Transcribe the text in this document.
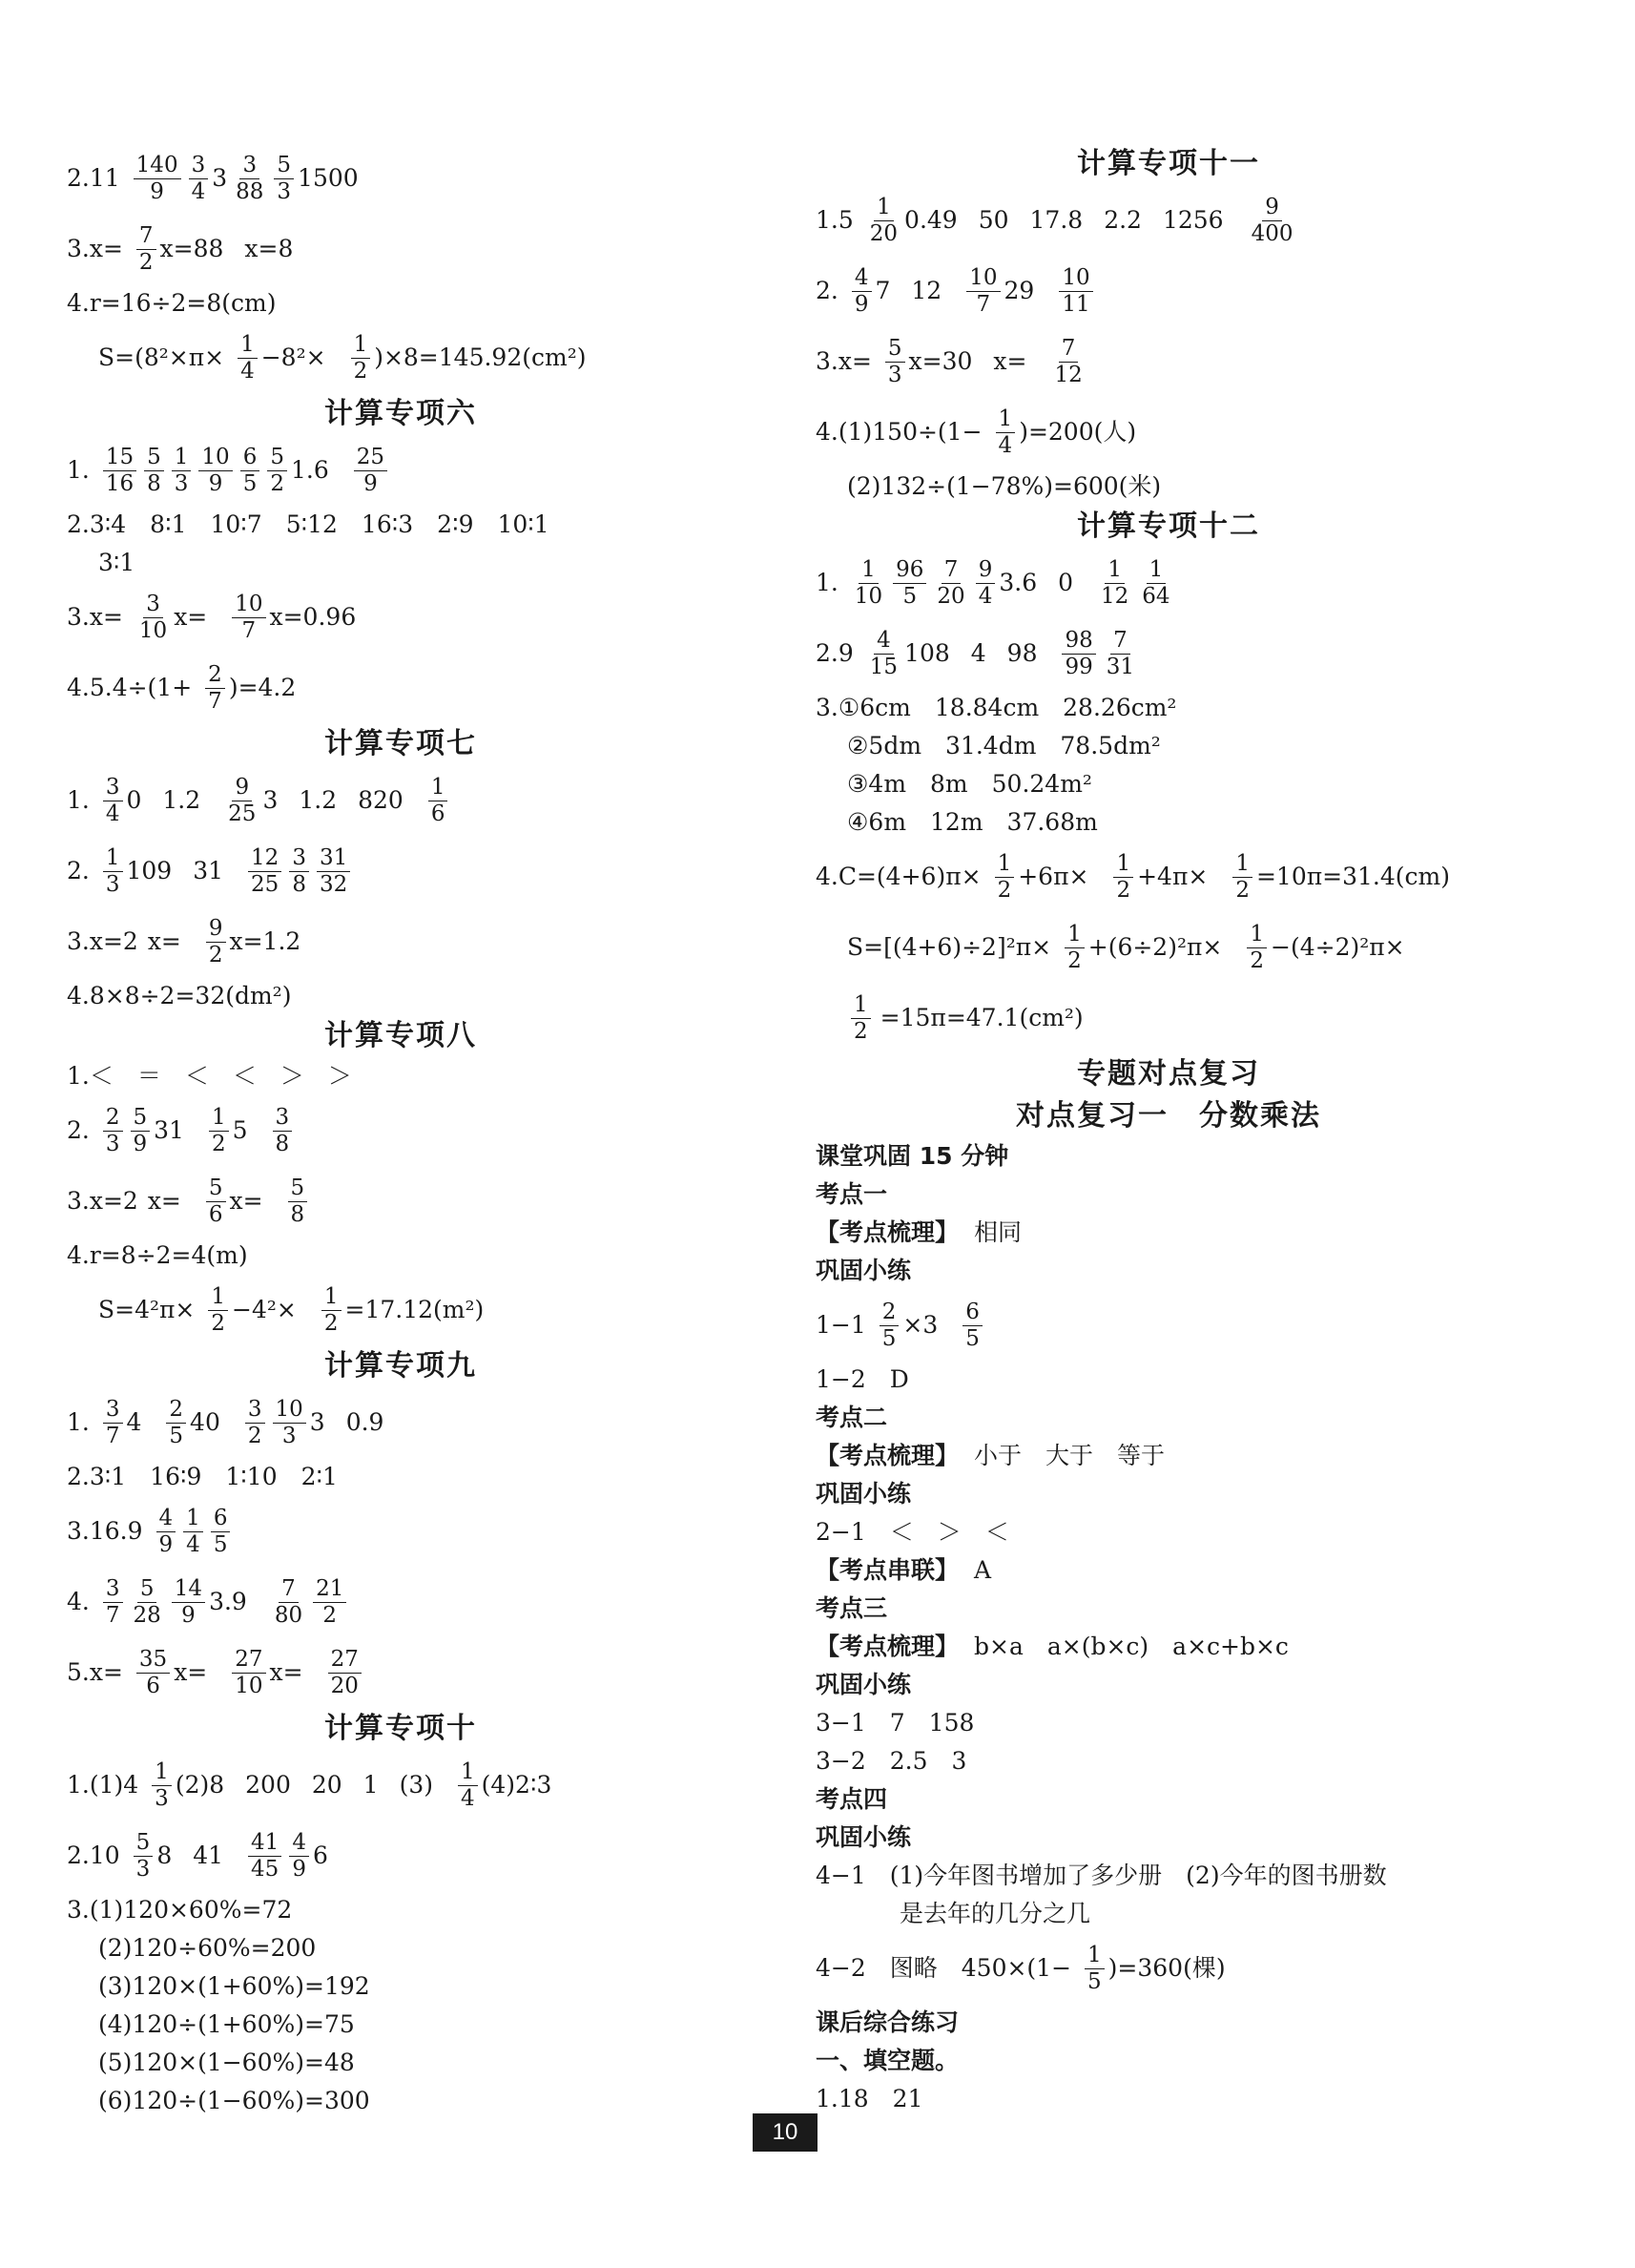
$2.11 \frac{140}{9} \frac{3}{4} 3 \frac{3}{88} \frac{5}{3} 1500$
$3.x= \frac{7}{2} x=88$ x=8
4.r=16÷2=8(cm)
$S=(8^2\times\pi\times \frac{1}{4} -8^2\times \frac{1}{2} )\times 8=145.92(cm^2)$
计算专项六
1. $\frac{15}{16} \frac{5}{8} \frac{1}{3} \frac{10}{9} \frac{6}{5} \frac{5}{2} 1.6 \frac{25}{9}$
2.3∶4　8∶1　10∶7　5∶12　16∶3　2∶9　10∶1
3∶1
$3.x= \frac{3}{10} x= \frac{10}{7} x=0.96$
$4.5.4\div(1+ \frac{2}{7} )=4.2$
计算专项七
1. $\frac{3}{4} 0$ $1.2 \frac{9}{25} 3$ 1.2 $820 \frac{1}{6}$
2. $\frac{1}{3} 109$ $31 \frac{12}{25} \frac{3}{8} \frac{31}{32}$
3.x=2 $x= \frac{9}{2} x=1.2$
4.8×8÷2=32(dm²)
计算专项八
1.＜　＝　＜　＜　＞　＞
2. $\frac{2}{3} \frac{5}{9} 31 \frac{1}{2} 5 \frac{3}{8}$
3.x=2 $x= \frac{5}{6} x= \frac{5}{8}$
4.r=8÷2=4(m)
$S=4^2\pi\times \frac{1}{2} -4^2\times \frac{1}{2} =17.12(m^2)$
计算专项九
1. $\frac{3}{7} 4 \frac{2}{5} 40 \frac{3}{2} \frac{10}{3} 3$ 0.9
2.3∶1　16∶9　1∶10　2∶1
$3.16.9 \frac{4}{9} \frac{1}{4} \frac{6}{5}$
4. $\frac{3}{7} \frac{5}{28} \frac{14}{9} 3.9 \frac{7}{80} \frac{21}{2}$
$5.x= \frac{35}{6} x= \frac{27}{10} x= \frac{27}{20}$
计算专项十
$1.(1)4 \frac{1}{3} (2)8$ 200 20 1 $(3) \frac{1}{4}$ (4)2∶3
$2.10 \frac{5}{3} 8$ $41 \frac{41}{45} \frac{4}{9} 6$
3.(1)120×60%=72
(2)120÷60%=200
(3)120×(1+60%)=192
(4)120÷(1+60%)=75
(5)120×(1−60%)=48
(6)120÷(1−60%)=300
计算专项十一
$1.5 \frac{1}{20} 0.49$ 50 17.8 2.2 $1256 \frac{9}{400}$
2. $\frac{4}{9} 7$ $12 \frac{10}{7} 29 \frac{10}{11}$
$3.x= \frac{5}{3} x=30$ $x= \frac{7}{12}$
$4.(1)150\div(1- \frac{1}{4} )=200$(人)
(2)132÷(1−78%)=600(米)
计算专项十二
1. $\frac{1}{10} \frac{96}{5} \frac{7}{20} \frac{9}{4} 3.6$ $0 \frac{1}{12} \frac{1}{64}$
$2.9 \frac{4}{15} 108$ 4 $98 \frac{98}{99} \frac{7}{31}$
3.①6cm　18.84cm　28.26cm²
②5dm　31.4dm　78.5dm²
③4m　8m　50.24m²
④6m　12m　37.68m
$4.C=(4+6)\pi\times \frac{1}{2} +6\pi\times \frac{1}{2} +4\pi\times \frac{1}{2} =10\pi=31.4(cm)$
$S=[(4+6)\div 2]^2\pi\times \frac{1}{2} +(6\div 2)^2\pi\times \frac{1}{2} -(4\div 2)^2\pi\times$
$\frac{1}{2} =15\pi=47.1(cm^2)$
专题对点复习
对点复习一　分数乘法
课堂巩固 15 分钟
考点一
【考点梳理】 相同
巩固小练
$1-1 \frac{2}{5} \times 3 \frac{6}{5}$
1−2　D
考点二
【考点梳理】 小于　大于　等于
巩固小练
2−1　＜　＞　＜
【考点串联】 A
考点三
【考点梳理】 b×a　a×(b×c)　a×c+b×c
巩固小练
3−1　7　158
3−2　2.5　3
考点四
巩固小练
4−1　(1)今年图书增加了多少册　(2)今年的图书册数
是去年的几分之几
4−2　图略　$450\times(1- \frac{1}{5} )=360$(棵)
课后综合练习
一、填空题。
1.18　21
10
